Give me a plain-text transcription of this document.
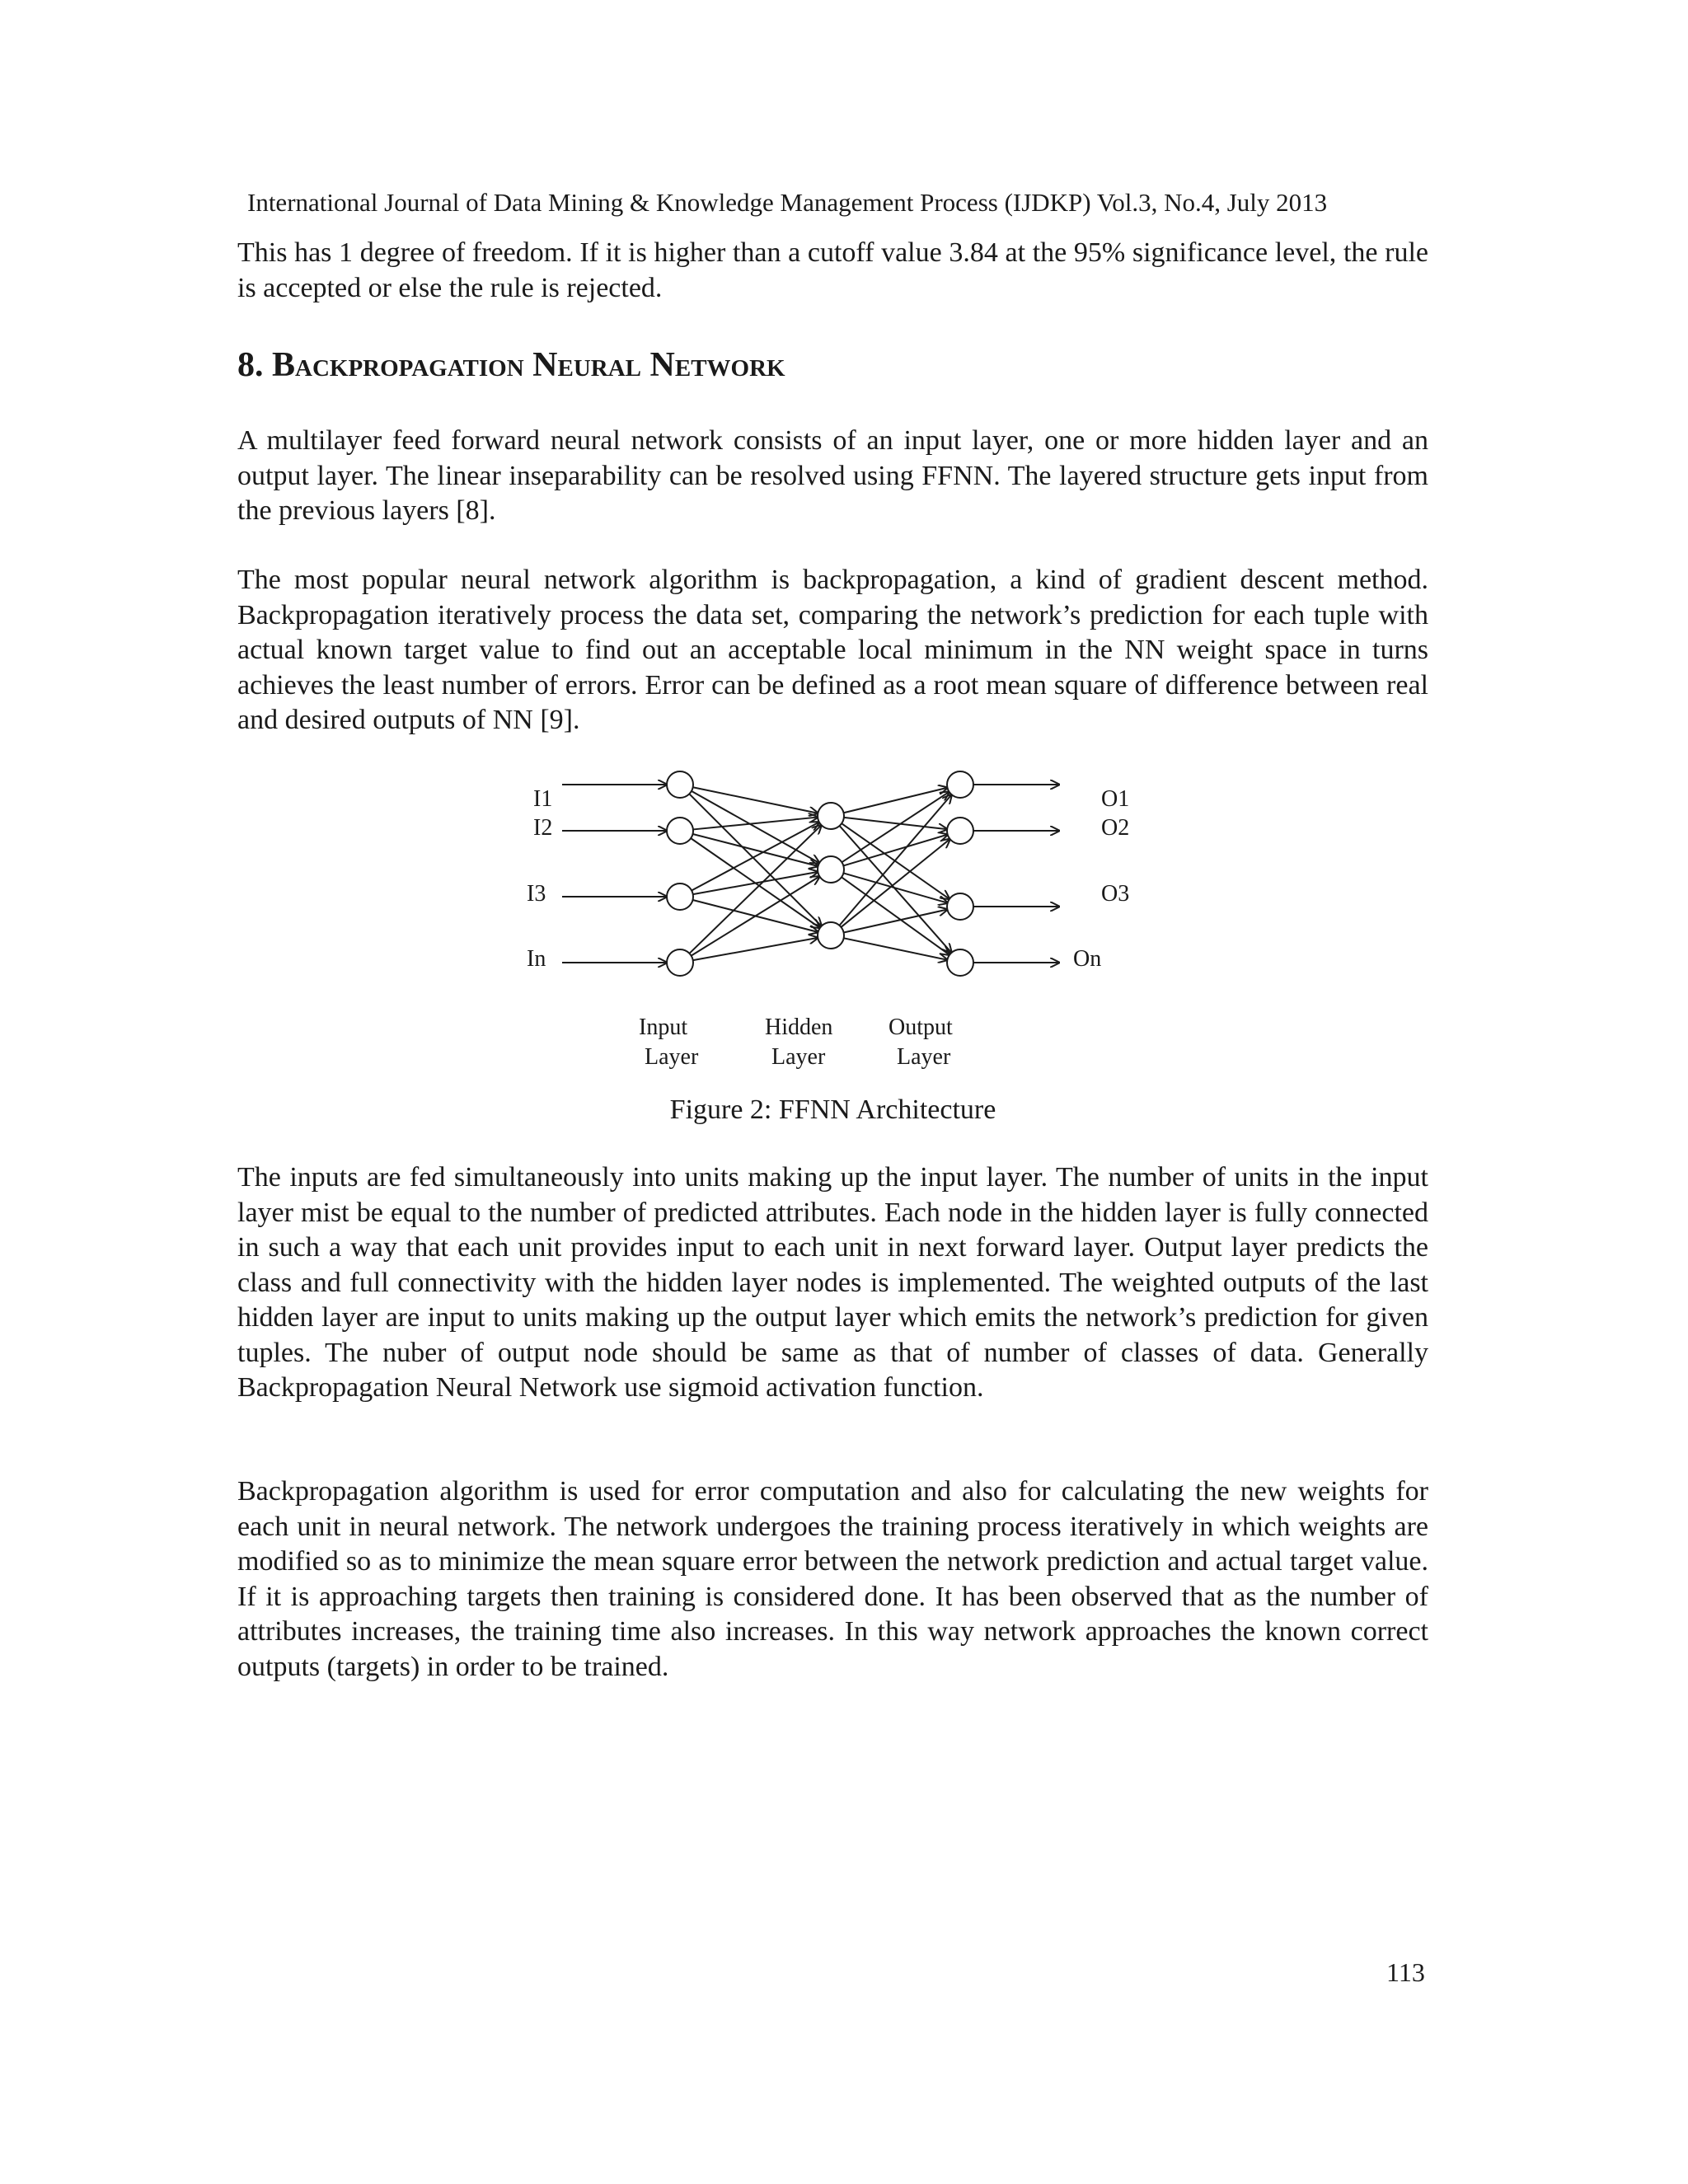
International Journal of Data Mining & Knowledge Management Process (IJDKP) Vol.3, No.4, July 2013

This has 1 degree of freedom. If it is higher than a cutoff value 3.84 at the 95% significance level, the rule is accepted or else the rule is rejected.

8. Backpropagation Neural Network

A multilayer feed forward neural network consists of an input layer, one or more hidden layer and an output layer. The linear inseparability can be resolved using FFNN. The layered structure gets input from the previous layers [8].

The most popular neural network algorithm is backpropagation, a kind of gradient descent method. Backpropagation iteratively process the data set, comparing the network’s prediction for each tuple with actual known target value to find out an acceptable local minimum in the NN weight space in turns achieves the least number of errors. Error can be defined as a root mean square of difference between real and desired outputs of NN [9].

I1
I2
I3
In
O1
O2
O3
On
Input
Layer
Hidden
Layer
Output
Layer
Figure 2: FFNN Architecture

The inputs are fed simultaneously into units making up the input layer. The number of units in the input layer mist be equal to the number of predicted attributes. Each node in the hidden layer is fully connected in such a way that each unit provides input to each unit in next forward layer. Output layer predicts the class and full connectivity with the hidden layer nodes is implemented. The weighted outputs of the last hidden layer are input to units making up the output layer which emits the network’s prediction for given tuples. The nuber of output node should be same as that of number of classes of data. Generally Backpropagation Neural Network use sigmoid activation function.

Backpropagation algorithm is used for error computation and also for calculating the new weights for each unit in neural network. The network undergoes the training process iteratively in which weights are modified so as to minimize the mean square error between the network prediction and actual target value. If it is approaching targets then training is considered done. It has been observed that as the number of attributes increases, the training time also increases. In this way network approaches the known correct outputs (targets) in order to be trained.

113
